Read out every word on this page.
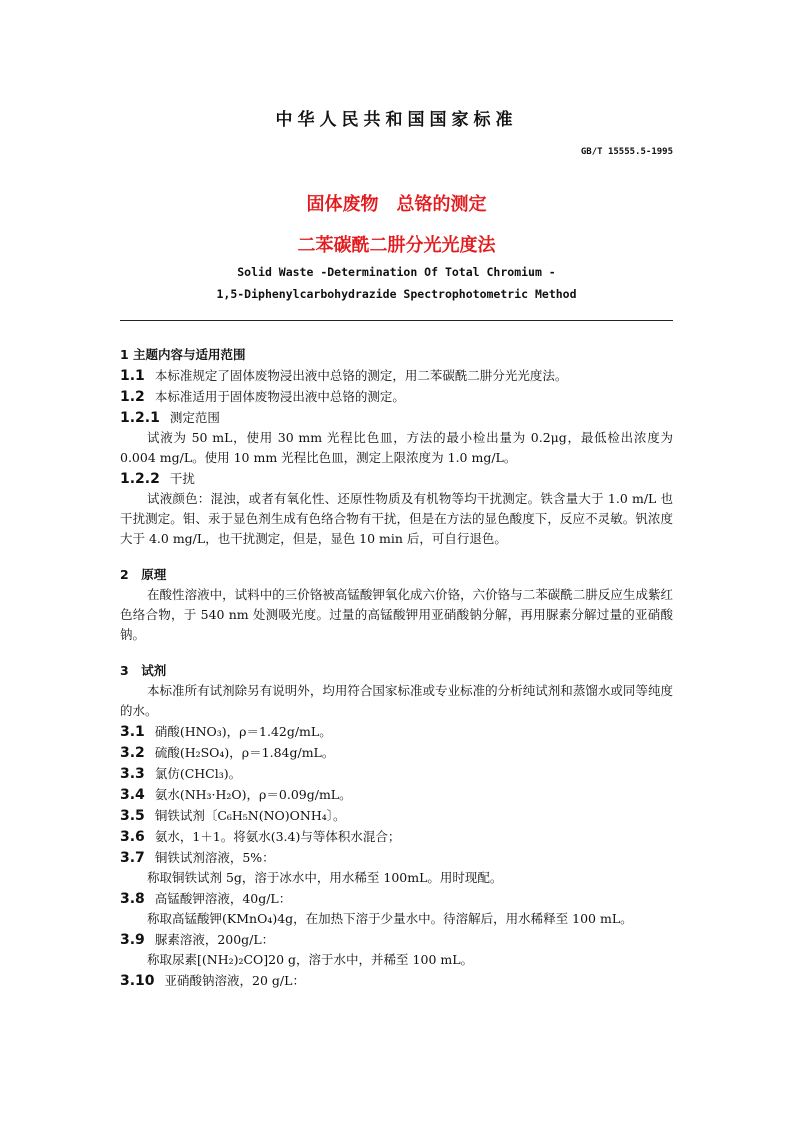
中华人民共和国国家标准
GB/T 15555.5-1995
固体废物　总铬的测定
二苯碳酰二肼分光光度法
Solid Waste -Determination Of Total Chromium -
1,5-Diphenylcarbohydrazide Spectrophotometric Method
1 主题内容与适用范围
1.1 本标准规定了固体废物浸出液中总铬的测定，用二苯碳酰二肼分光光度法。
1.2 本标准适用于固体废物浸出液中总铬的测定。
1.2.1 测定范围
试液为 50 mL，使用 30 mm 光程比色皿，方法的最小检出量为 0.2μg，最低检出浓度为 0.004 mg/L。使用 10 mm 光程比色皿，测定上限浓度为 1.0 mg/L。
1.2.2 干扰
试液颜色：混浊，或者有氧化性、还原性物质及有机物等均干扰测定。铁含量大于 1.0 m/L 也干扰测定。钼、汞于显色剂生成有色络合物有干扰，但是在方法的显色酸度下，反应不灵敏。钒浓度大于 4.0 mg/L，也干扰测定，但是，显色 10 min 后，可自行退色。
2　原理
在酸性溶液中，试料中的三价铬被高锰酸钾氧化成六价铬，六价铬与二苯碳酰二肼反应生成紫红色络合物，于 540 nm 处测吸光度。过量的高锰酸钾用亚硝酸钠分解，再用脲素分解过量的亚硝酸钠。
3　试剂
本标准所有试剂除另有说明外，均用符合国家标准或专业标准的分析纯试剂和蒸馏水或同等纯度的水。
3.1 硝酸(HNO₃)，ρ＝1.42g/mL。
3.2 硫酸(H₂SO₄)，ρ＝1.84g/mL。
3.3 氯仿(CHCl₃)。
3.4 氨水(NH₃·H₂O)，ρ＝0.09g/mL。
3.5 铜铁试剂〔C₆H₅N(NO)ONH₄〕。
3.6 氨水，1＋1。将氨水(3.4)与等体积水混合；
3.7 铜铁试剂溶液，5%：
称取铜铁试剂 5g，溶于冰水中，用水稀至 100mL。用时现配。
3.8 高锰酸钾溶液，40g/L：
称取高锰酸钾(KMnO₄)4g，在加热下溶于少量水中。待溶解后，用水稀释至 100 mL。
3.9 脲素溶液，200g/L：
称取尿素[(NH₂)₂CO]20 g，溶于水中，并稀至 100 mL。
3.10 亚硝酸钠溶液，20 g/L：
